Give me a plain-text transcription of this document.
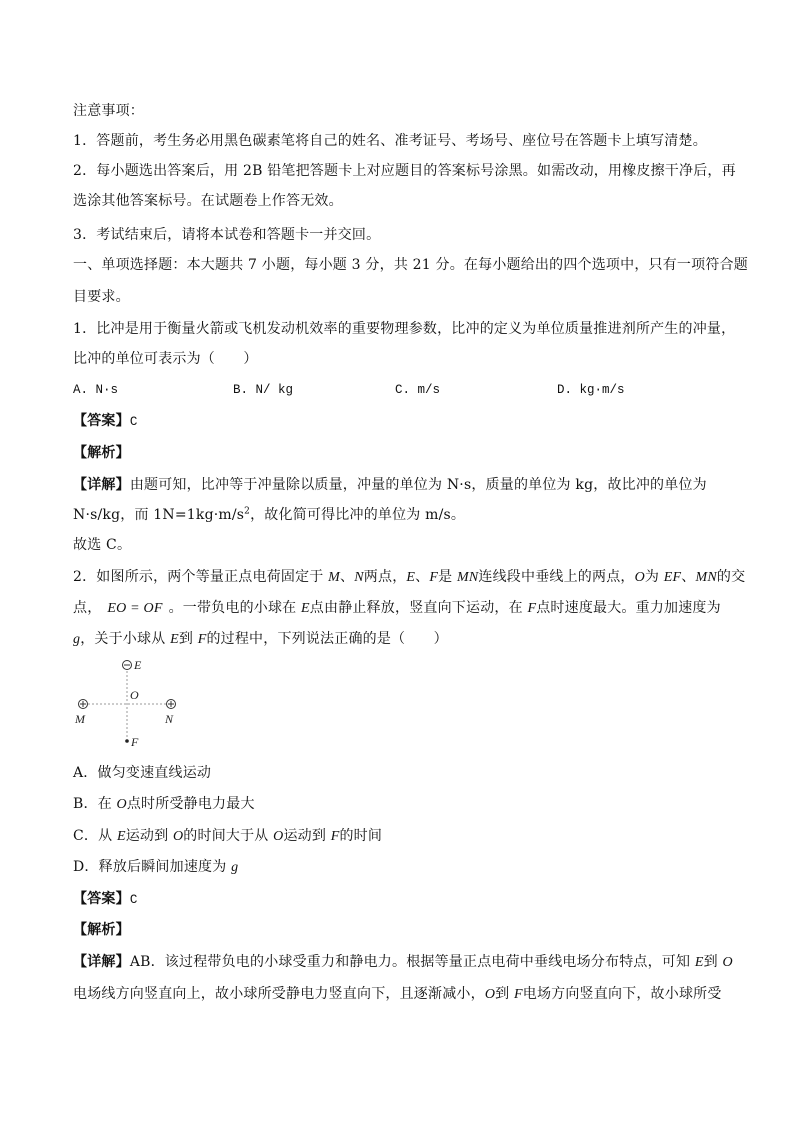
注意事项：
1．答题前，考生务必用黑色碳素笔将自己的姓名、准考证号、考场号、座位号在答题卡上填写清楚。
2．每小题选出答案后，用 2B 铅笔把答题卡上对应题目的答案标号涂黑。如需改动，用橡皮擦干净后，再
选涂其他答案标号。在试题卷上作答无效。
3．考试结束后，请将本试卷和答题卡一并交回。
一、单项选择题：本大题共 7 小题，每小题 3 分，共 21 分。在每小题给出的四个选项中，只有一项符合题
目要求。
1．比冲是用于衡量火箭或飞机发动机效率的重要物理参数，比冲的定义为单位质量推进剂所产生的冲量，
比冲的单位可表示为（　　）
A. N·s	B. N/ kg	C. m/s	D. kg·m/s
【答案】C
【解析】
【详解】由题可知，比冲等于冲量除以质量，冲量的单位为 N·s，质量的单位为 kg，故比冲的单位为
N·s/kg，而 $1N=1kg\cdot m/s^2$，故化简可得比冲的单位为 m/s。
故选 C。
2．如图所示，两个等量正点电荷固定于 M、N两点，E、F是 MN连线段中垂线上的两点，O为 EF、MN的交
点， EO = OF 。一带负电的小球在 E点由静止释放，竖直向下运动，在 F点时速度最大。重力加速度为
g，关于小球从 E到 F的过程中，下列说法正确的是（　　）
E
O
M	N
F
A．做匀变速直线运动
B．在 O点时所受静电力最大
C．从 E运动到 O的时间大于从 O运动到 F的时间
D．释放后瞬间加速度为 g
【答案】C
【解析】
【详解】AB．该过程带负电的小球受重力和静电力。根据等量正点电荷中垂线电场分布特点，可知 E到 O
电场线方向竖直向上，故小球所受静电力竖直向下，且逐渐减小，O到 F电场方向竖直向下，故小球所受
